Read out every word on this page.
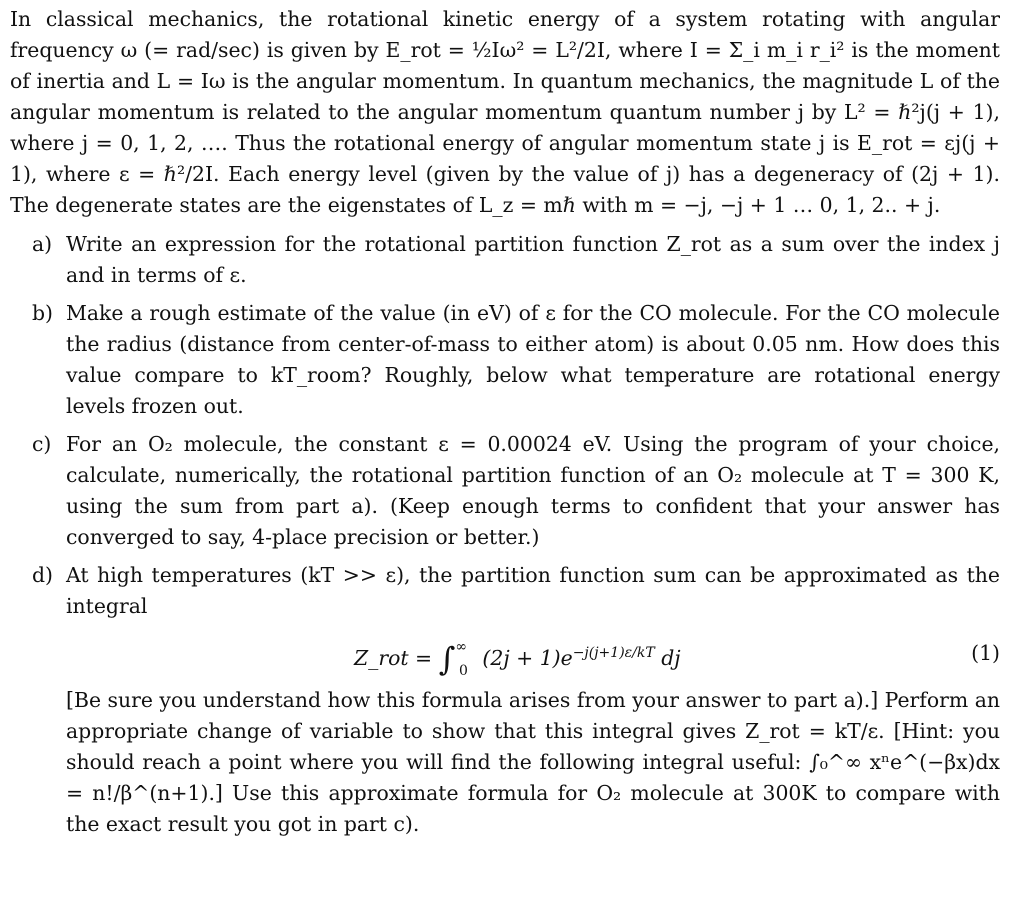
In classical mechanics, the rotational kinetic energy of a system rotating with angular frequency ω (= rad/sec) is given by E_rot = ½Iω² = L²/2I, where I = Σ_i m_i r_i² is the moment of inertia and L = Iω is the angular momentum. In quantum mechanics, the magnitude L of the angular momentum is related to the angular momentum quantum number j by L² = ℏ²j(j + 1), where j = 0, 1, 2, …. Thus the rotational energy of angular momentum state j is E_rot = εj(j + 1), where ε = ℏ²/2I. Each energy level (given by the value of j) has a degeneracy of (2j + 1). The degenerate states are the eigenstates of L_z = mℏ with m = −j, −j + 1 … 0, 1, 2.. + j.

a) Write an expression for the rotational partition function Z_rot as a sum over the index j and in terms of ε.
b) Make a rough estimate of the value (in eV) of ε for the CO molecule. For the CO molecule the radius (distance from center-of-mass to either atom) is about 0.05 nm. How does this value compare to kT_room? Roughly, below what temperature are rotational energy levels frozen out.
c) For an O₂ molecule, the constant ε = 0.00024 eV. Using the program of your choice, calculate, numerically, the rotational partition function of an O₂ molecule at T = 300 K, using the sum from part a). (Keep enough terms to confident that your answer has converged to say, 4-place precision or better.)
d) At high temperatures (kT >> ε), the partition function sum can be approximated as the integral
Z_rot = $\int^\infty_0$ $(2j + 1)e^{-j(j+1)\varepsilon/kT}$ dj	(1)
[Be sure you understand how this formula arises from your answer to part a).] Perform an appropriate change of variable to show that this integral gives Z_rot = kT/ε. [Hint: you should reach a point where you will find the following integral useful: ∫₀^∞ xⁿe^(−βx)dx = n!/β^(n+1).] Use this approximate formula for O₂ molecule at 300K to compare with the exact result you got in part c).
